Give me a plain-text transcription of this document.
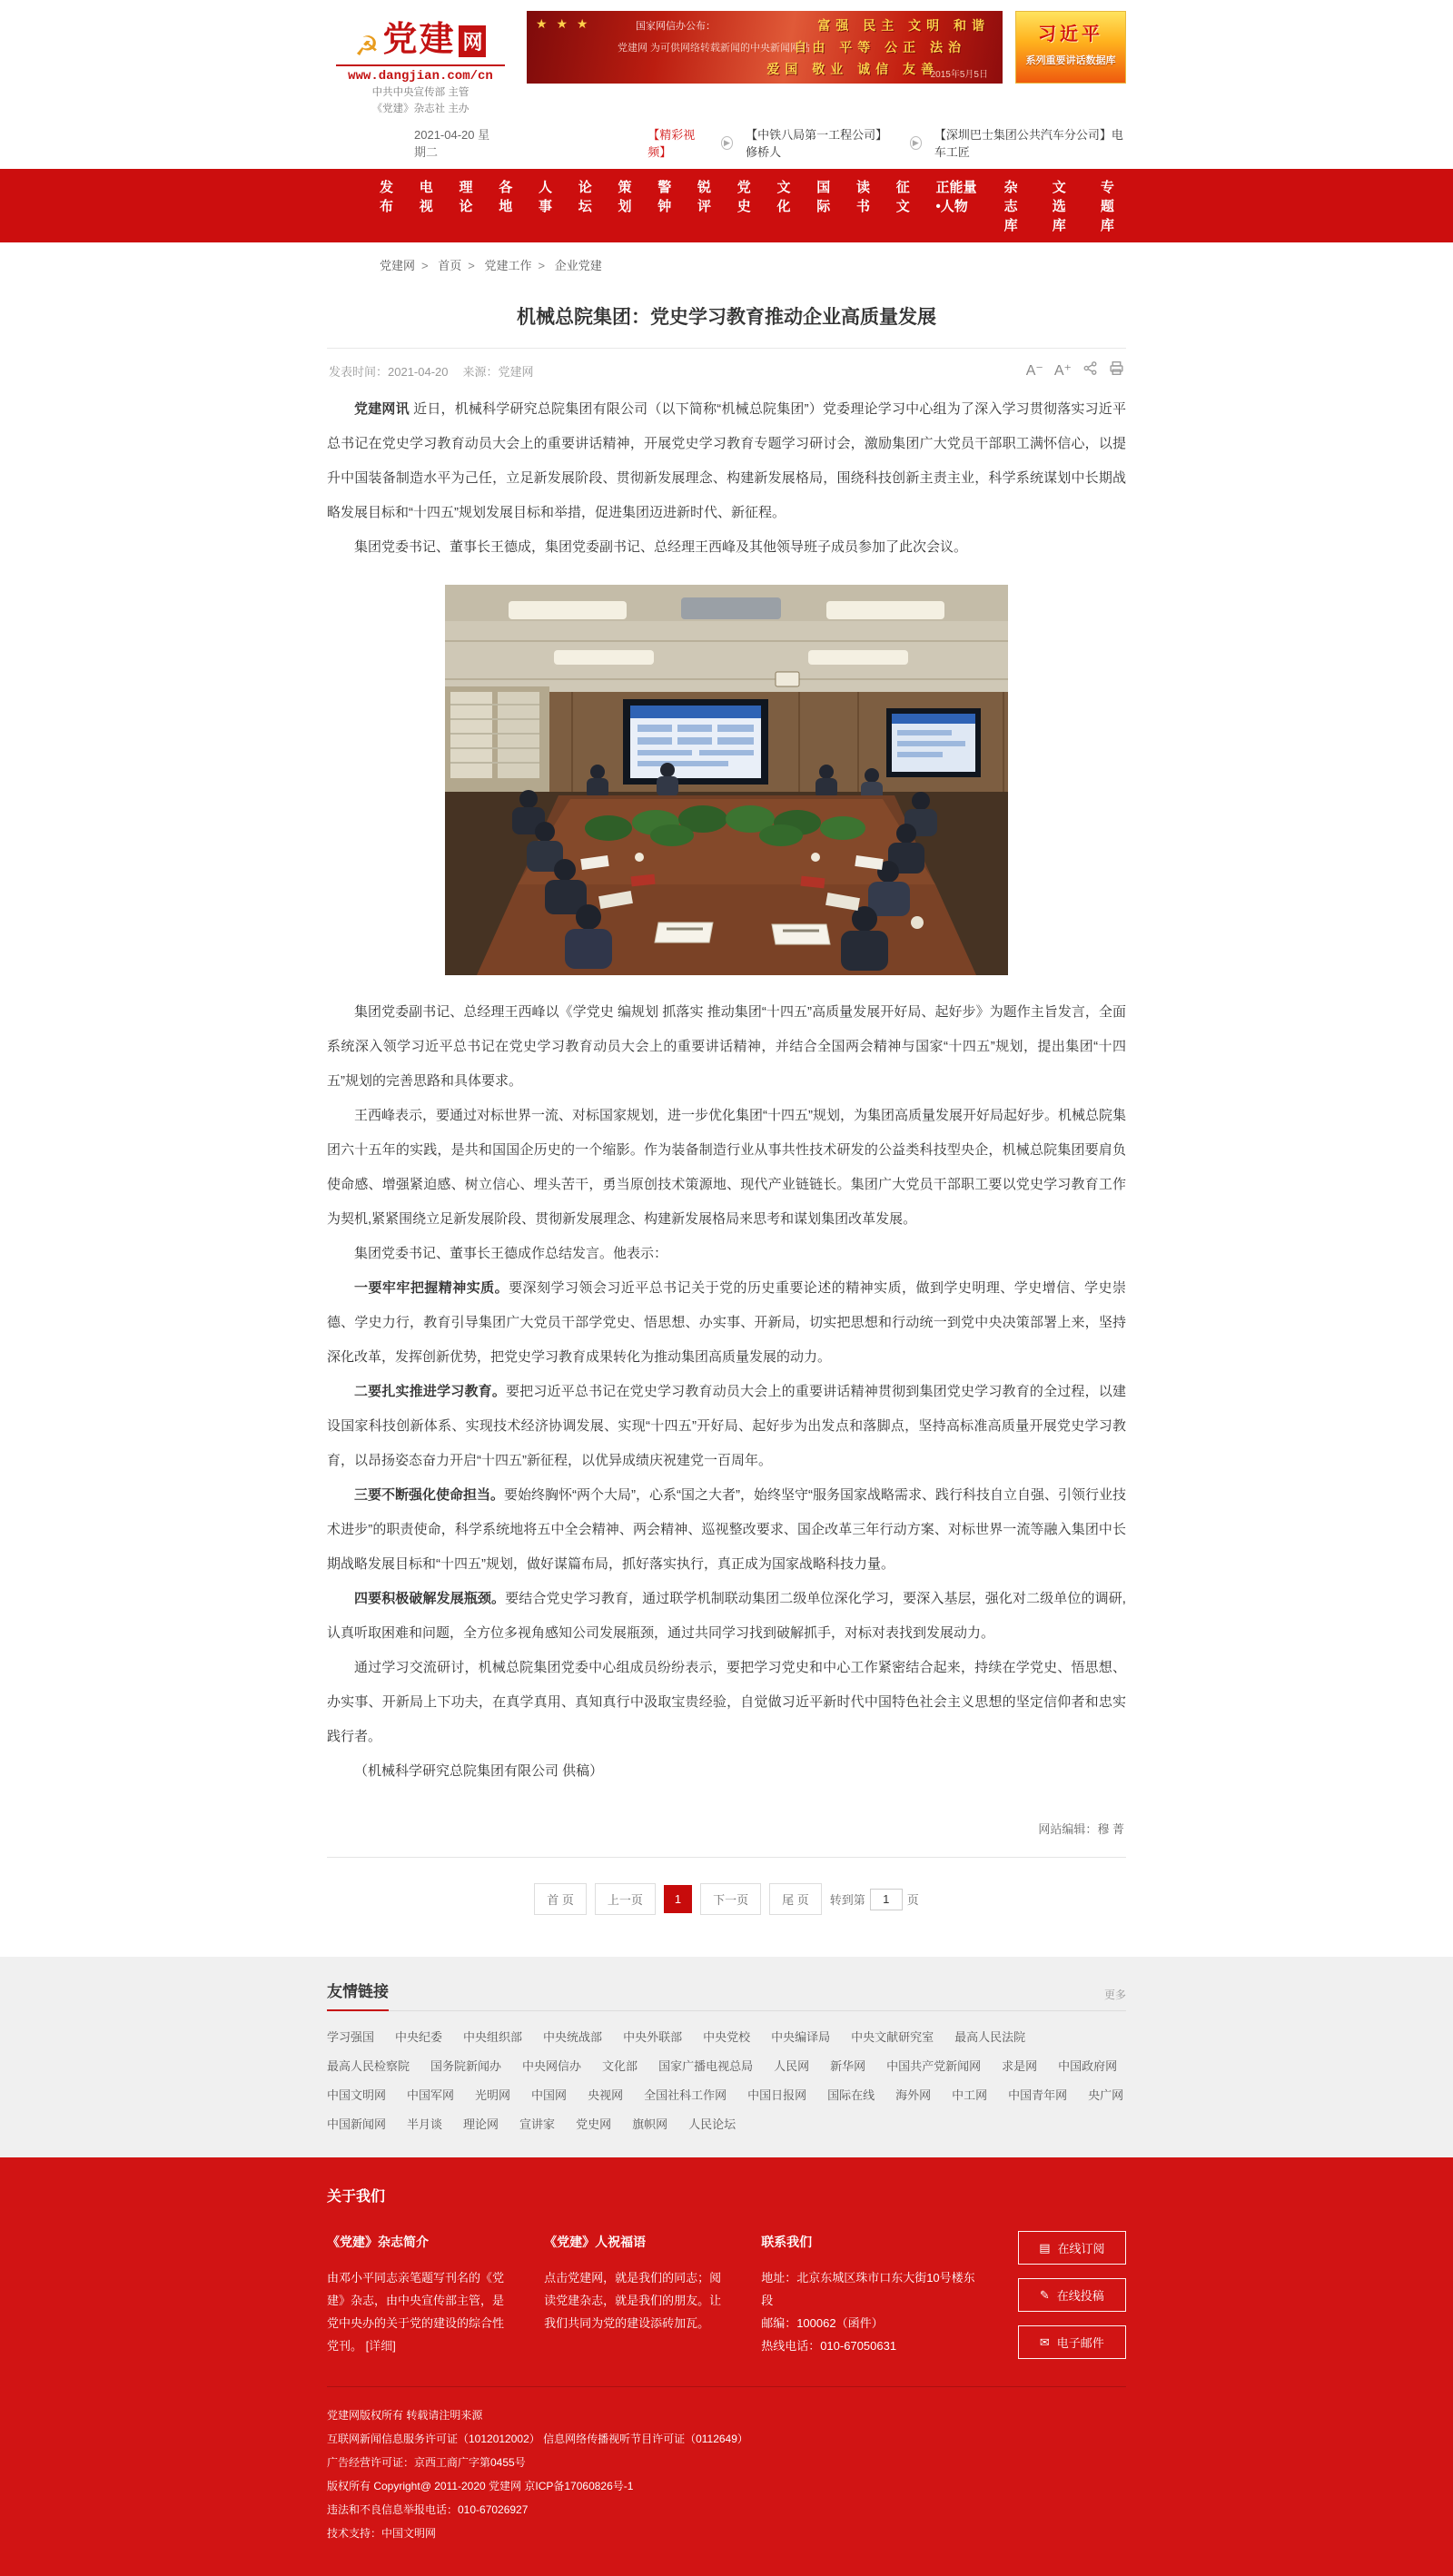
☭ 党建 网
www.dangjian.com/cn
中共中央宣传部 主管
《党建》杂志社 主办
★ ★ ★	国家网信办公布：	富强 民主 文明 和谐
党建网 为可供网络转载新闻的中央新闻网站
自由 平等 公正 法治
爱国 敬业 诚信 友善
2015年5月5日
习近平
系列重要讲话数据库
2021-04-20 星期二
【精彩视频】
▶
【中铁八局第一工程公司】修桥人
▶
【深圳巴士集团公共汽车分公司】电车工匠
发布
电视
理论
各地
人事
论坛
策划
警钟
锐评
党史
文化
国际
读书
征文
正能量•人物
杂志库
文选库
专题库
党建网 > 首页 > 党建工作 > 企业党建
机械总院集团：党史学习教育推动企业高质量发展
发表时间：2021-04-20 来源：党建网	A⁻ A⁺

党建网讯 近日，机械科学研究总院集团有限公司（以下简称“机械总院集团”）党委理论学习中心组为了深入学习贯彻落实习近平总书记在党史学习教育动员大会上的重要讲话精神，开展党史学习教育专题学习研讨会，激励集团广大党员干部职工满怀信心，以提升中国装备制造水平为己任，立足新发展阶段、贯彻新发展理念、构建新发展格局，围绕科技创新主责主业，科学系统谋划中长期战略发展目标和“十四五”规划发展目标和举措，促进集团迈进新时代、新征程。

集团党委书记、董事长王德成，集团党委副书记、总经理王西峰及其他领导班子成员参加了此次会议。

集团党委副书记、总经理王西峰以《学党史 编规划 抓落实 推动集团“十四五”高质量发展开好局、起好步》为题作主旨发言，全面系统深入领学习近平总书记在党史学习教育动员大会上的重要讲话精神，并结合全国两会精神与国家“十四五”规划，提出集团“十四五”规划的完善思路和具体要求。

王西峰表示，要通过对标世界一流、对标国家规划，进一步优化集团“十四五”规划，为集团高质量发展开好局起好步。机械总院集团六十五年的实践，是共和国国企历史的一个缩影。作为装备制造行业从事共性技术研发的公益类科技型央企，机械总院集团要肩负使命感、增强紧迫感、树立信心、埋头苦干，勇当原创技术策源地、现代产业链链长。集团广大党员干部职工要以党史学习教育工作为契机,紧紧围绕立足新发展阶段、贯彻新发展理念、构建新发展格局来思考和谋划集团改革发展。

集团党委书记、董事长王德成作总结发言。他表示：

一要牢牢把握精神实质。要深刻学习领会习近平总书记关于党的历史重要论述的精神实质，做到学史明理、学史增信、学史崇德、学史力行，教育引导集团广大党员干部学党史、悟思想、办实事、开新局，切实把思想和行动统一到党中央决策部署上来，坚持深化改革，发挥创新优势，把党史学习教育成果转化为推动集团高质量发展的动力。

二要扎实推进学习教育。要把习近平总书记在党史学习教育动员大会上的重要讲话精神贯彻到集团党史学习教育的全过程，以建设国家科技创新体系、实现技术经济协调发展、实现“十四五”开好局、起好步为出发点和落脚点，坚持高标准高质量开展党史学习教育，以昂扬姿态奋力开启“十四五”新征程，以优异成绩庆祝建党一百周年。

三要不断强化使命担当。要始终胸怀“两个大局”，心系“国之大者”，始终坚守“服务国家战略需求、践行科技自立自强、引领行业技术进步”的职责使命，科学系统地将五中全会精神、两会精神、巡视整改要求、国企改革三年行动方案、对标世界一流等融入集团中长期战略发展目标和“十四五”规划，做好谋篇布局，抓好落实执行，真正成为国家战略科技力量。

四要积极破解发展瓶颈。要结合党史学习教育，通过联学机制联动集团二级单位深化学习，要深入基层，强化对二级单位的调研,认真听取困难和问题，全方位多视角感知公司发展瓶颈，通过共同学习找到破解抓手，对标对表找到发展动力。

通过学习交流研讨，机械总院集团党委中心组成员纷纷表示，要把学习党史和中心工作紧密结合起来，持续在学党史、悟思想、办实事、开新局上下功夫，在真学真用、真知真行中汲取宝贵经验，自觉做习近平新时代中国特色社会主义思想的坚定信仰者和忠实践行者。

（机械科学研究总院集团有限公司 供稿）

网站编辑：穆 菁
首 页	上一页	1	下一页	尾 页	转到第
1	页
友情链接	更多
学习强国 中央纪委 中央组织部 中央统战部 中央外联部 中央党校 中央编译局 中央文献研究室 最高人民法院
最高人民检察院 国务院新闻办 中央网信办 文化部 国家广播电视总局 人民网 新华网 中国共产党新闻网 求是网 中国政府网
中国文明网 中国军网 光明网 中国网 央视网 全国社科工作网 中国日报网 国际在线 海外网 中工网 中国青年网 央广网
中国新闻网 半月谈 理论网 宣讲家 党史网 旗帜网 人民论坛
关于我们
《党建》杂志简介
由邓小平同志亲笔题写刊名的《党建》杂志，由中央宣传部主管，是党中央办的关于党的建设的综合性党刊。 [详细]
《党建》人祝福语
点击党建网，就是我们的同志；阅读党建杂志，就是我们的朋友。让我们共同为党的建设添砖加瓦。
联系我们
地址：北京东城区珠市口东大街10号楼东段
邮编：100062（函件）
热线电话：010-67050631
▤ 在线订阅
✎ 在线投稿
✉ 电子邮件
党建网版权所有 转载请注明来源
互联网新闻信息服务许可证（1012012002） 信息网络传播视听节目许可证（0112649）
广告经营许可证：京西工商广字第0455号
版权所有 Copyright@ 2011-2020 党建网 京ICP备17060826号-1
违法和不良信息举报电话：010-67026927
技术支持：中国文明网
